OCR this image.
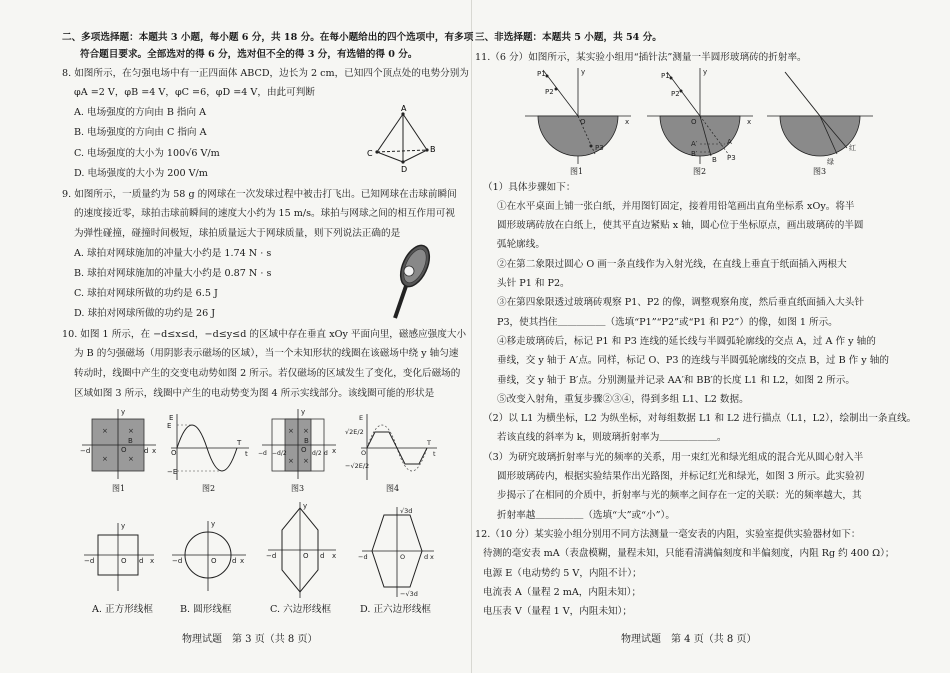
二、多项选择题：本题共 3 小题，每小题 6 分，共 18 分。在每小题给出的四个选项中，有多项
符合题目要求。全部选对的得 6 分，选对但不全的得 3 分，有选错的得 0 分。
8. 如图所示，在匀强电场中有一正四面体 ABCD，边长为 2 cm，已知四个顶点处的电势分别为
φA =2 V，φB =4 V，φC =6，φD =4 V，由此可判断
A. 电场强度的方向由 B 指向 A
B. 电场强度的方向由 C 指向 A
C. 电场强度的大小为 100√6 V/m
D. 电场强度的大小为 200 V/m
A
B
C
D
9. 如图所示，一质量约为 58 g 的网球在一次发球过程中被击打飞出。已知网球在击球前瞬间
的速度接近零，球拍击球前瞬间的速度大小约为 15 m/s。球拍与网球之间的相互作用可视
为弹性碰撞，碰撞时间极短，球拍质量远大于网球质量，则下列说法正确的是
A. 球拍对网球施加的冲量大小约是 1.74 N · s
B. 球拍对网球施加的冲量大小约是 0.87 N · s
C. 球拍对网球所做的功约是 6.5 J
D. 球拍对网球所做的功约是 26 J
10. 如图 1 所示，在 −d≤x≤d，−d≤y≤d 的区域中存在垂直 xOy 平面向里，磁感应强度大小
为 B 的匀强磁场（用阴影表示磁场的区域），当一个未知形状的线圈在该磁场中绕 y 轴匀速
转动时，线圈中产生的交变电动势如图 2 所示。若仅磁场的区域发生了变化，变化后磁场的
区域如图 3 所示，线圈中产生的电动势变为图 4 所示实线部分。该线圈可能的形状是
×	×
×	×
y
x
O
B
d
−d
图1
E
E
−E
T
t
O
图2
× ×
× ×
y
x
O
B
d/2
−d/2	d
−d
图3
E
√2E/2
−√2E/2
T
t
O
图4
y
x
O d
−d
y
x
O d
−d
y
x
O d
−d
√3d
−√3d
x
O	d
−d
A. 正方形线框	B. 圆形线框	C. 六边形线框	D. 正六边形线框
物理试题　第 3 页（共 8 页）
三、非选择题：本题共 5 小题，共 54 分。
11.（6 分）如图所示，某实验小组用“插针法”测量一半圆形玻璃砖的折射率。
P1
P2
P3
y
x
O
图1
P1
P2
P3
y
x
O
A′	A
B′
B
图2
红
绿
图3
（1）具体步骤如下：
①在水平桌面上铺一张白纸，并用图钉固定，接着用铅笔画出直角坐标系 xOy。将半
圆形玻璃砖放在白纸上，使其平直边紧贴 x 轴，圆心位于坐标原点，画出玻璃砖的半圆
弧轮廓线。
②在第二象限过圆心 O 画一条直线作为入射光线，在直线上垂直于纸面插入两根大
头针 P1 和 P2。
③在第四象限透过玻璃砖观察 P1、P2 的像，调整观察角度，然后垂直纸面插入大头针
P3，使其挡住＿＿＿＿＿（选填“P1”“P2”或“P1 和 P2”）的像，如图 1 所示。
④移走玻璃砖后，标记 P1 和 P3 连线的延长线与半圆弧轮廓线的交点 A，过 A 作 y 轴的
垂线，交 y 轴于 A′点。同样，标记 O、P3 的连线与半圆弧轮廓线的交点 B，过 B 作 y 轴的
垂线，交 y 轴于 B′点。分别测量并记录 AA′和 BB′的长度 L1 和 L2，如图 2 所示。
⑤改变入射角，重复步骤②③④，得到多组 L1、L2 数据。
（2）以 L1 为横坐标，L2 为纵坐标，对每组数据 L1 和 L2 进行描点（L1，L2），绘制出一条直线。
若该直线的斜率为 k，则玻璃折射率为＿＿＿＿＿＿。
（3）为研究玻璃折射率与光的频率的关系，用一束红光和绿光组成的混合光从圆心射入半
圆形玻璃砖内，根据实验结果作出光路图，并标记红光和绿光，如图 3 所示。此实验初
步揭示了在相同的介质中，折射率与光的频率之间存在一定的关联：光的频率越大，其
折射率越＿＿＿＿＿（选填“大”或“小”）。
12.（10 分）某实验小组分别用不同方法测量一毫安表的内阻，实验室提供实验器材如下：
待测的毫安表 mA（表盘模糊，量程未知，只能看清满偏刻度和半偏刻度，内阻 Rg 约 400 Ω）；
电源 E（电动势约 5 V，内阻不计）；
电流表 A（量程 2 mA，内阻未知）；
电压表 V（量程 1 V，内阻未知）；
物理试题　第 4 页（共 8 页）
